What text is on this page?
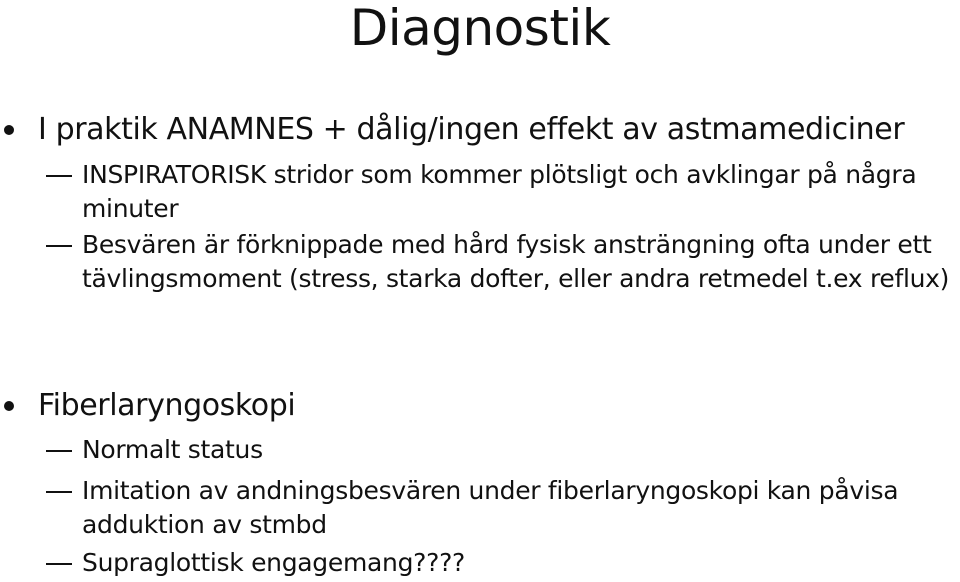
Diagnostik
I praktik ANAMNES + dålig/ingen effekt av astmamediciner
INSPIRATORISK stridor som kommer plötsligt och avklingar på några minuter
Besvären är förknippade med hård fysisk ansträngning ofta under ett tävlingsmoment (stress, starka dofter, eller andra retmedel t.ex reflux)
Fiberlaryngoskopi
Normalt status
Imitation av andningsbesvären under fiberlaryngoskopi kan påvisa adduktion av stmbd
Supraglottisk engagemang????
